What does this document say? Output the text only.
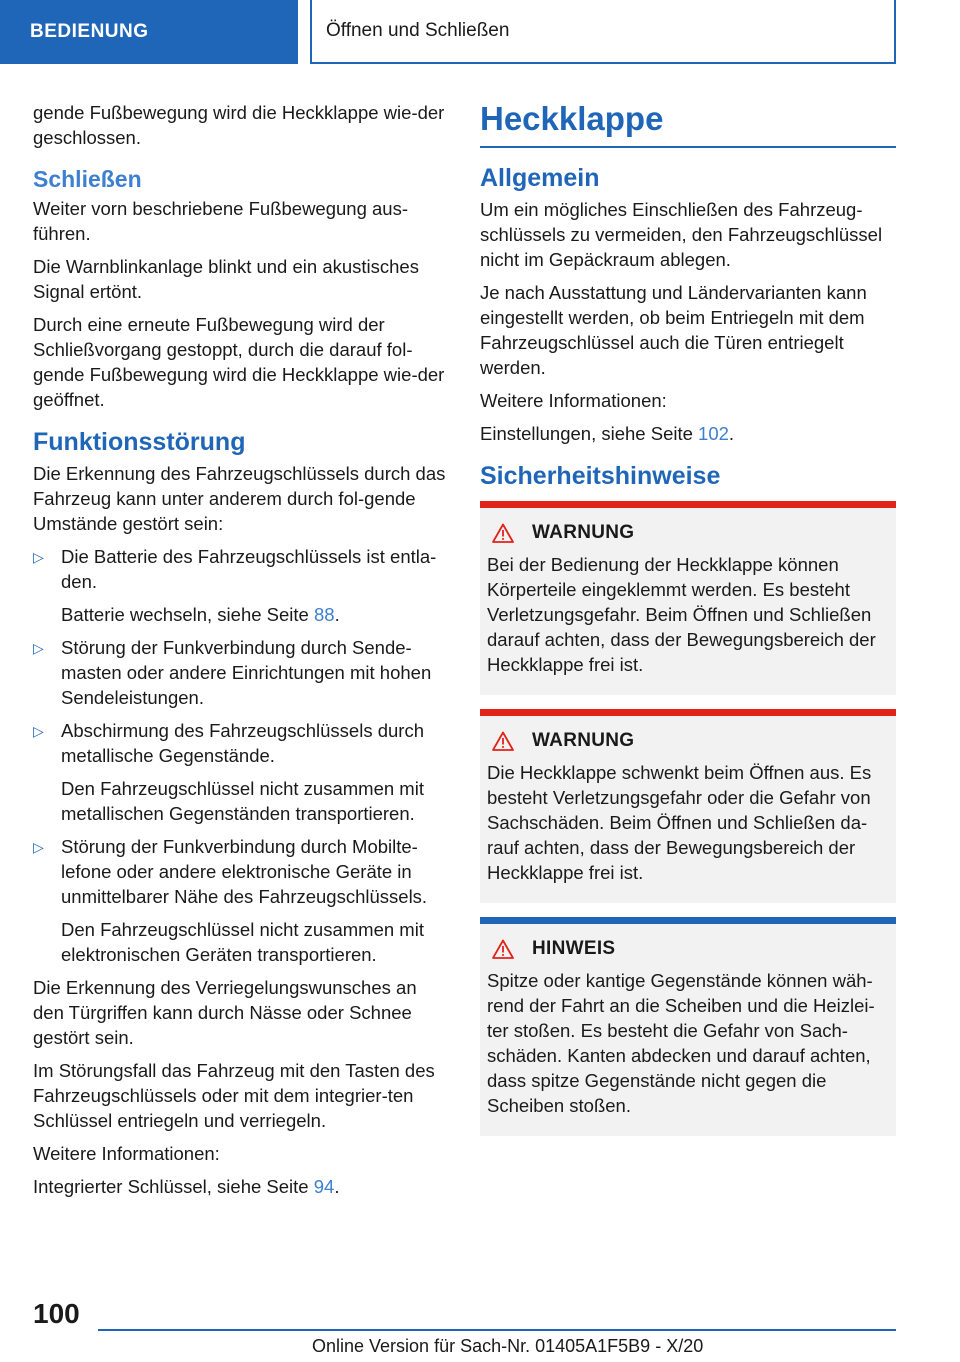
BEDIENUNG	Öffnen und Schließen

gende Fußbewegung wird die Heckklappe wie-der geschlossen.

Schließen

Weiter vorn beschriebene Fußbewegung aus-führen.

Die Warnblinkanlage blinkt und ein akustisches Signal ertönt.

Durch eine erneute Fußbewegung wird der Schließvorgang gestoppt, durch die darauf fol-gende Fußbewegung wird die Heckklappe wie-der geöffnet.

Funktionsstörung

Die Erkennung des Fahrzeugschlüssels durch das Fahrzeug kann unter anderem durch fol-gende Umstände gestört sein:

▷ Die Batterie des Fahrzeugschlüssels ist entla-den.

Batterie wechseln, siehe Seite 88.

▷ Störung der Funkverbindung durch Sende-masten oder andere Einrichtungen mit hohen Sendeleistungen.

▷ Abschirmung des Fahrzeugschlüssels durch metallische Gegenstände.

Den Fahrzeugschlüssel nicht zusammen mit metallischen Gegenständen transportieren.

▷ Störung der Funkverbindung durch Mobilte-lefone oder andere elektronische Geräte in unmittelbarer Nähe des Fahrzeugschlüssels.

Den Fahrzeugschlüssel nicht zusammen mit elektronischen Geräten transportieren.

Die Erkennung des Verriegelungswunsches an den Türgriffen kann durch Nässe oder Schnee gestört sein.

Im Störungsfall das Fahrzeug mit den Tasten des Fahrzeugschlüssels oder mit dem integrier-ten Schlüssel entriegeln und verriegeln.

Weitere Informationen:

Integrierter Schlüssel, siehe Seite 94.

Heckklappe
Allgemein

Um ein mögliches Einschließen des Fahrzeug-schlüssels zu vermeiden, den Fahrzeugschlüssel nicht im Gepäckraum ablegen.

Je nach Ausstattung und Ländervarianten kann eingestellt werden, ob beim Entriegeln mit dem Fahrzeugschlüssel auch die Türen entriegelt werden.

Weitere Informationen:

Einstellungen, siehe Seite 102.

Sicherheitshinweise
WARNUNG

Bei der Bedienung der Heckklappe können Körperteile eingeklemmt werden. Es besteht Verletzungsgefahr. Beim Öffnen und Schließen darauf achten, dass der Bewegungsbereich der Heckklappe frei ist.

WARNUNG

Die Heckklappe schwenkt beim Öffnen aus. Es besteht Verletzungsgefahr oder die Gefahr von Sachschäden. Beim Öffnen und Schließen da-rauf achten, dass der Bewegungsbereich der Heckklappe frei ist.

HINWEIS

Spitze oder kantige Gegenstände können wäh-rend der Fahrt an die Scheiben und die Heizlei-ter stoßen. Es besteht die Gefahr von Sach-schäden. Kanten abdecken und darauf achten, dass spitze Gegenstände nicht gegen die Scheiben stoßen.

100
Online Version für Sach-Nr. 01405A1F5B9 - X/20
